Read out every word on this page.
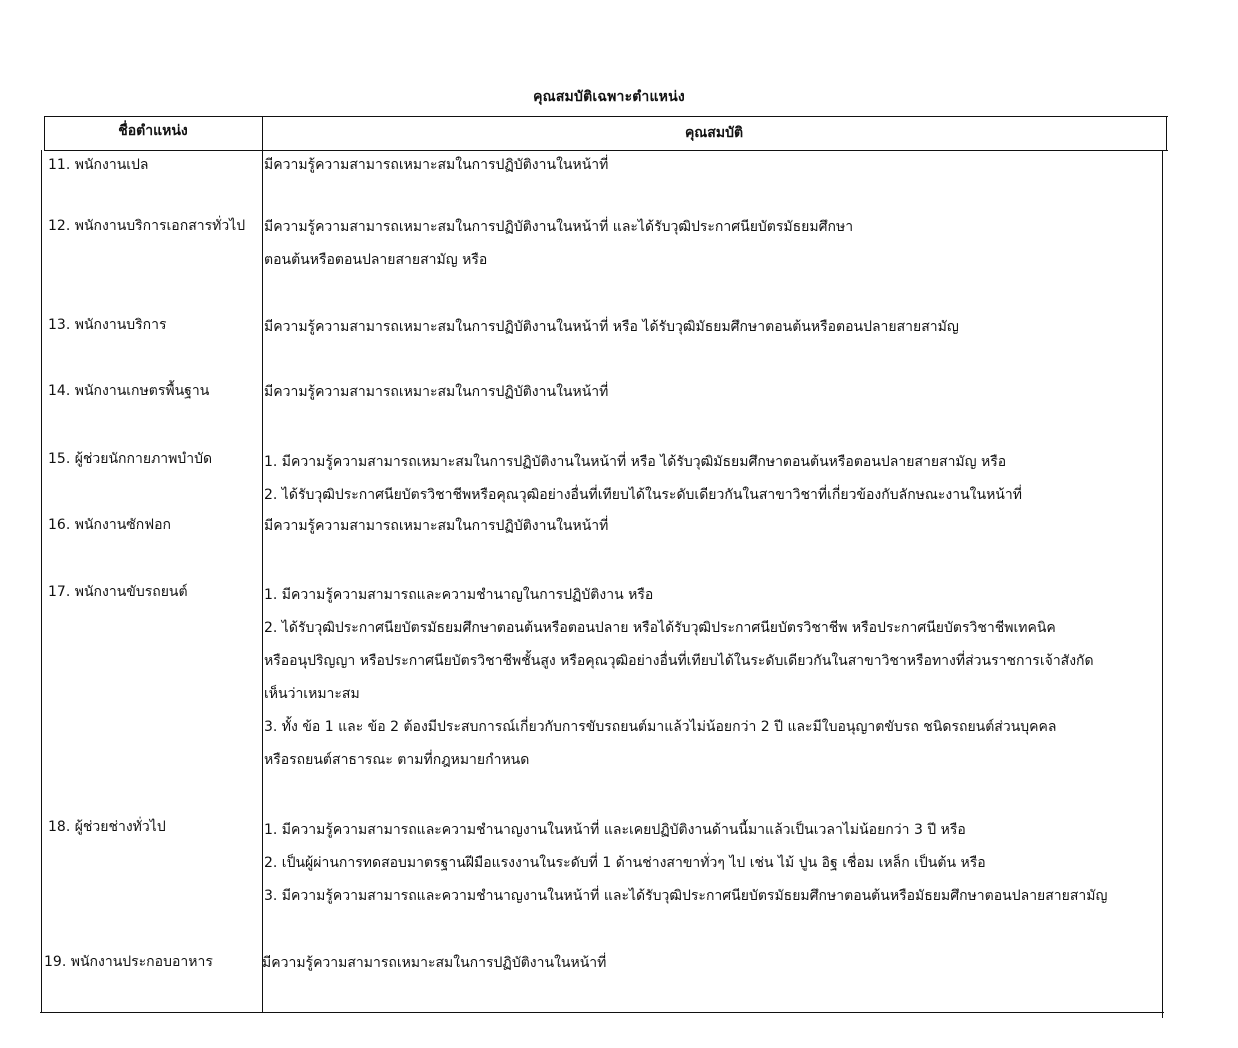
คุณสมบัติเฉพาะตำแหน่ง
ชื่อตำแหน่ง	คุณสมบัติ
11. พนักงานเปล	มีความรู้ความสามารถเหมาะสมในการปฏิบัติงานในหน้าที่
12. พนักงานบริการเอกสารทั่วไป	มีความรู้ความสามารถเหมาะสมในการปฏิบัติงานในหน้าที่ และได้รับวุฒิประกาศนียบัตรมัธยมศึกษา
ตอนต้นหรือตอนปลายสายสามัญ หรือ
13. พนักงานบริการ	มีความรู้ความสามารถเหมาะสมในการปฏิบัติงานในหน้าที่ หรือ ได้รับวุฒิมัธยมศึกษาตอนต้นหรือตอนปลายสายสามัญ
14. พนักงานเกษตรพื้นฐาน	มีความรู้ความสามารถเหมาะสมในการปฏิบัติงานในหน้าที่
15. ผู้ช่วยนักกายภาพบำบัด	1. มีความรู้ความสามารถเหมาะสมในการปฏิบัติงานในหน้าที่ หรือ ได้รับวุฒิมัธยมศึกษาตอนต้นหรือตอนปลายสายสามัญ หรือ
2. ได้รับวุฒิประกาศนียบัตรวิชาชีพหรือคุณวุฒิอย่างอื่นที่เทียบได้ในระดับเดียวกันในสาขาวิชาที่เกี่ยวข้องกับลักษณะงานในหน้าที่
16. พนักงานซักฟอก	มีความรู้ความสามารถเหมาะสมในการปฏิบัติงานในหน้าที่
17. พนักงานขับรถยนต์	1. มีความรู้ความสามารถและความชำนาญในการปฏิบัติงาน หรือ
2. ได้รับวุฒิประกาศนียบัตรมัธยมศึกษาตอนต้นหรือตอนปลาย หรือได้รับวุฒิประกาศนียบัตรวิชาชีพ หรือประกาศนียบัตรวิชาชีพเทคนิค
หรืออนุปริญญา หรือประกาศนียบัตรวิชาชีพชั้นสูง หรือคุณวุฒิอย่างอื่นที่เทียบได้ในระดับเดียวกันในสาขาวิชาหรือทางที่ส่วนราชการเจ้าสังกัด
เห็นว่าเหมาะสม
3. ทั้ง ข้อ 1 และ ข้อ 2 ต้องมีประสบการณ์เกี่ยวกับการขับรถยนต์มาแล้วไม่น้อยกว่า 2 ปี และมีใบอนุญาตขับรถ ชนิดรถยนต์ส่วนบุคคล
หรือรถยนต์สาธารณะ ตามที่กฎหมายกำหนด
18. ผู้ช่วยช่างทั่วไป	1. มีความรู้ความสามารถและความชำนาญงานในหน้าที่ และเคยปฏิบัติงานด้านนี้มาแล้วเป็นเวลาไม่น้อยกว่า 3 ปี หรือ
2. เป็นผู้ผ่านการทดสอบมาตรฐานฝีมือแรงงานในระดับที่ 1 ด้านช่างสาขาทั่วๆ ไป เช่น ไม้ ปูน อิฐ เชื่อม เหล็ก เป็นต้น หรือ
3. มีความรู้ความสามารถและความชำนาญงานในหน้าที่ และได้รับวุฒิประกาศนียบัตรมัธยมศึกษาตอนต้นหรือมัธยมศึกษาตอนปลายสายสามัญ
19. พนักงานประกอบอาหาร	มีความรู้ความสามารถเหมาะสมในการปฏิบัติงานในหน้าที่
